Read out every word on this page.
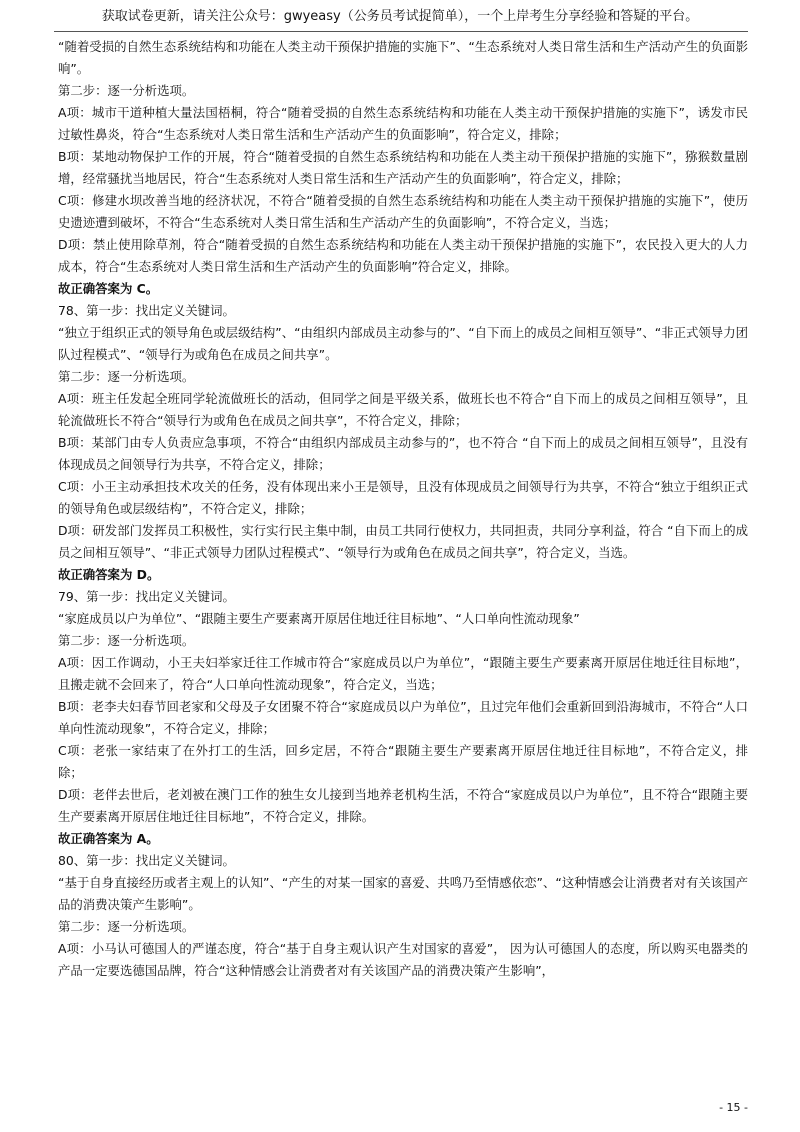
获取试卷更新，请关注公众号：gwyeasy（公务员考试捉简单），一个上岸考生分享经验和答疑的平台。

“随着受损的自然生态系统结构和功能在人类主动干预保护措施的实施下”、“生态系统对人类日常生活和生产活动产生的负面影响”。

第二步：逐一分析选项。

A项：城市干道种植大量法国梧桐，符合“随着受损的自然生态系统结构和功能在人类主动干预保护措施的实施下”，诱发市民过敏性鼻炎，符合“生态系统对人类日常生活和生产活动产生的负面影响”，符合定义，排除；

B项：某地动物保护工作的开展，符合“随着受损的自然生态系统结构和功能在人类主动干预保护措施的实施下”，猕猴数量剧增，经常骚扰当地居民，符合“生态系统对人类日常生活和生产活动产生的负面影响”，符合定义，排除；

C项：修建水坝改善当地的经济状况，不符合“随着受损的自然生态系统结构和功能在人类主动干预保护措施的实施下”，使历史遗迹遭到破坏，不符合“生态系统对人类日常生活和生产活动产生的负面影响”，不符合定义，当选；

D项：禁止使用除草剂，符合“随着受损的自然生态系统结构和功能在人类主动干预保护措施的实施下”，农民投入更大的人力成本，符合“生态系统对人类日常生活和生产活动产生的负面影响”符合定义，排除。

故正确答案为 C。

78、第一步：找出定义关键词。

“独立于组织正式的领导角色或层级结构”、“由组织内部成员主动参与的”、“自下而上的成员之间相互领导”、“非正式领导力团队过程模式”、“领导行为或角色在成员之间共享”。

第二步：逐一分析选项。

A项：班主任发起全班同学轮流做班长的活动，但同学之间是平级关系，做班长也不符合“自下而上的成员之间相互领导”，且轮流做班长不符合“领导行为或角色在成员之间共享”，不符合定义，排除；

B项：某部门由专人负责应急事项，不符合“由组织内部成员主动参与的”，也不符合 “自下而上的成员之间相互领导”，且没有体现成员之间领导行为共享，不符合定义，排除；

C项：小王主动承担技术攻关的任务，没有体现出来小王是领导，且没有体现成员之间领导行为共享，不符合“独立于组织正式的领导角色或层级结构”，不符合定义，排除；

D项：研发部门发挥员工积极性，实行实行民主集中制，由员工共同行使权力，共同担责，共同分享利益，符合 “自下而上的成员之间相互领导”、“非正式领导力团队过程模式”、“领导行为或角色在成员之间共享”，符合定义，当选。

故正确答案为 D。

79、第一步：找出定义关键词。

“家庭成员以户为单位”、“跟随主要生产要素离开原居住地迁往目标地”、“人口单向性流动现象”

第二步：逐一分析选项。

A项：因工作调动，小王夫妇举家迁往工作城市符合“家庭成员以户为单位”，“跟随主要生产要素离开原居住地迁往目标地”，且搬走就不会回来了，符合“人口单向性流动现象”，符合定义，当选；

B项：老李夫妇春节回老家和父母及子女团聚不符合“家庭成员以户为单位”，且过完年他们会重新回到沿海城市，不符合“人口单向性流动现象”，不符合定义，排除；

C项：老张一家结束了在外打工的生活，回乡定居，不符合“跟随主要生产要素离开原居住地迁往目标地”，不符合定义，排除；

D项：老伴去世后，老刘被在澳门工作的独生女儿接到当地养老机构生活，不符合“家庭成员以户为单位”，且不符合“跟随主要生产要素离开原居住地迁往目标地”，不符合定义，排除。

故正确答案为 A。

80、第一步：找出定义关键词。

“基于自身直接经历或者主观上的认知”、“产生的对某一国家的喜爱、共鸣乃至情感依恋”、“这种情感会让消费者对有关该国产品的消费决策产生影响”。

第二步：逐一分析选项。

A项：小马认可德国人的严谨态度，符合“基于自身主观认识产生对国家的喜爱”， 因为认可德国人的态度，所以购买电器类的产品一定要选德国品牌，符合“这种情感会让消费者对有关该国产品的消费决策产生影响”，

- 15 -
